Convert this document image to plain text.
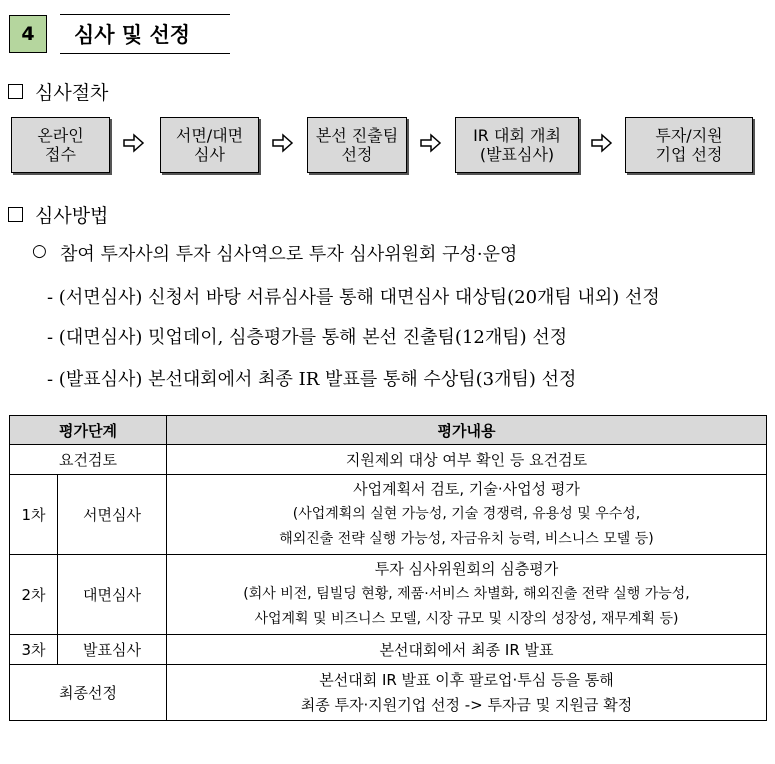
4	심사 및 선정
심사절차
온라인
접수
서면/대면
심사
본선 진출팀
선정
IR 대회 개최
(발표심사)
투자/지원
기업 선정
심사방법
○ 참여 투자사의 투자 심사역으로 투자 심사위원회 구성·운영
- (서면심사) 신청서 바탕 서류심사를 통해 대면심사 대상팀(20개팀 내외) 선정
- (대면심사) 밋업데이, 심층평가를 통해 본선 진출팀(12개팀) 선정
- (발표심사) 본선대회에서 최종 IR 발표를 통해 수상팀(3개팀) 선정
평가단계		평가내용
요건검토		지원제외 대상 여부 확인 등 요건검토
1차	서면심사	사업계획서 검토, 기술·사업성 평가
(사업계획의 실현 가능성, 기술 경쟁력, 유용성 및 우수성,
해외진출 전략 실행 가능성, 자금유치 능력, 비스니스 모델 등)

2차	대면심사	투자 심사위원회의 심층평가
(회사 비전, 팀빌딩 현황, 제품·서비스 차별화, 해외진출 전략 실행 가능성,
사업계획 및 비즈니스 모델, 시장 규모 및 시장의 성장성, 재무계획 등)

3차	발표심사	본선대회에서 최종 IR 발표
최종선정		본선대회 IR 발표 이후 팔로업·투심 등을 통해
최종 투자·지원기업 선정 -> 투자금 및 지원금 확정
